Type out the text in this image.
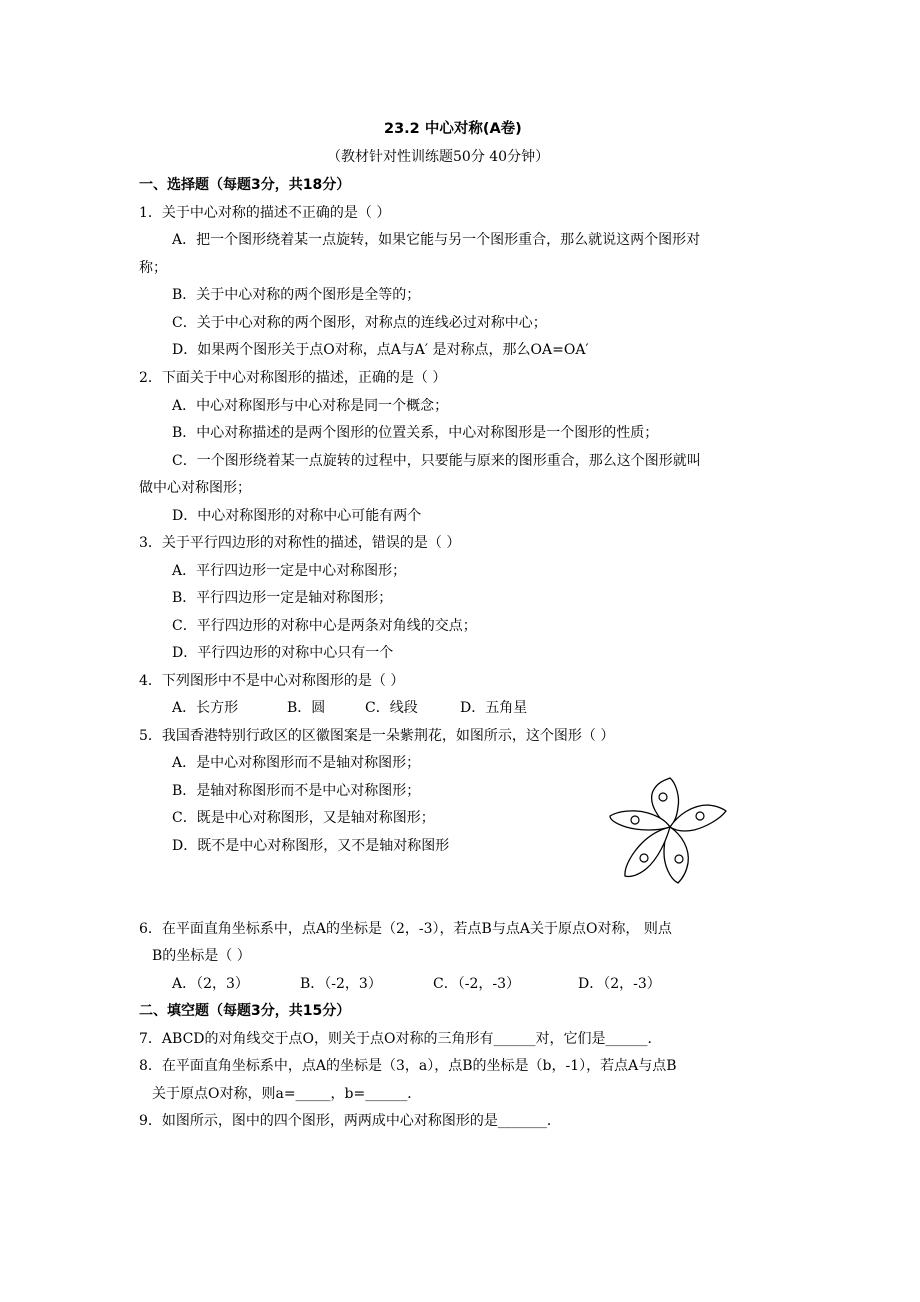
23.2 中心对称(A卷)
（教材针对性训练题50分 40分钟）
一、选择题（每题3分，共18分）
1．关于中心对称的描述不正确的是（ ）
A．把一个图形绕着某一点旋转，如果它能与另一个图形重合，那么就说这两个图形对
称；
B．关于中心对称的两个图形是全等的；
C．关于中心对称的两个图形，对称点的连线必过对称中心；
D．如果两个图形关于点O对称，点A与A′ 是对称点，那么OA=OA′
2．下面关于中心对称图形的描述，正确的是（ ）
A．中心对称图形与中心对称是同一个概念；
B．中心对称描述的是两个图形的位置关系，中心对称图形是一个图形的性质；
C．一个图形绕着某一点旋转的过程中，只要能与原来的图形重合，那么这个图形就叫
做中心对称图形；
D．中心对称图形的对称中心可能有两个
3．关于平行四边形的对称性的描述，错误的是（ ）
A．平行四边形一定是中心对称图形；
B．平行四边形一定是轴对称图形；
C．平行四边形的对称中心是两条对角线的交点；
D．平行四边形的对称中心只有一个
4．下列图形中不是中心对称图形的是（ ）
A．长方形	B．圆	C．线段	D．五角星
5．我国香港特别行政区的区徽图案是一朵紫荆花，如图所示，这个图形（ ）
A．是中心对称图形而不是轴对称图形；
B．是轴对称图形而不是中心对称图形；
C．既是中心对称图形，又是轴对称图形；
D．既不是中心对称图形，又不是轴对称图形
6．在平面直角坐标系中，点A的坐标是（2，-3），若点B与点A关于原点O对称， 则点
B的坐标是（ ）
A．（2，3）	B．（-2，3）	C．（-2，-3）	D．（2，-3）
二、填空题（每题3分，共15分）
7．ABCD的对角线交于点O，则关于点O对称的三角形有______对，它们是______．
8．在平面直角坐标系中，点A的坐标是（3，a），点B的坐标是（b，-1），若点A与点B
关于原点O对称，则a=_____，b=______．
9．如图所示，图中的四个图形，两两成中心对称图形的是_______．
